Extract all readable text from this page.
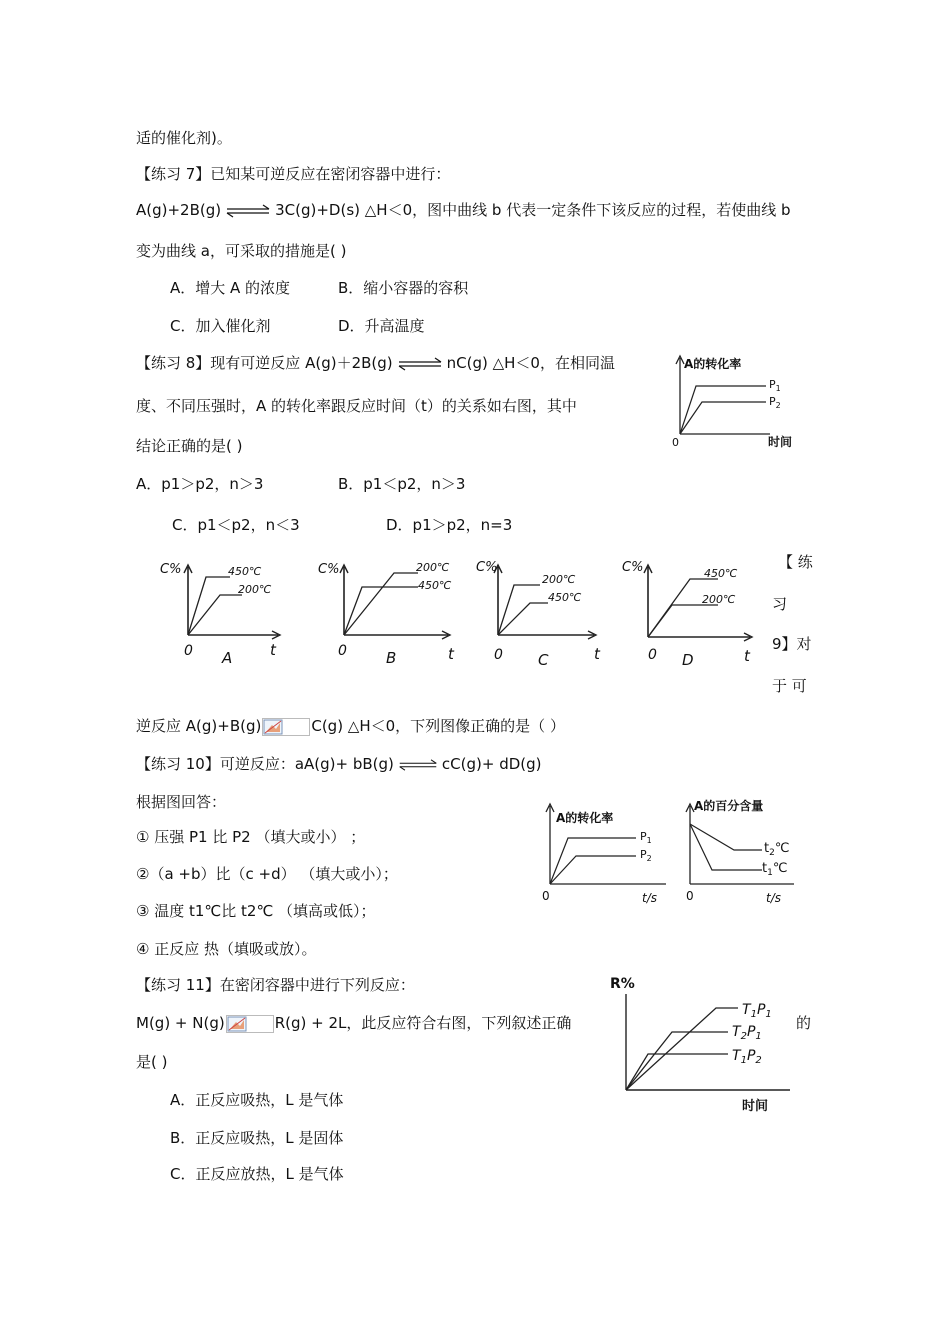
适的催化剂)。
【练习 7】已知某可逆反应在密闭容器中进行：
A(g)+2B(g) ⇌ 3C(g)+D(s) △H＜0，图中曲线 b 代表一定条件下该反应的过程，若使曲线 b
变为曲线 a，可采取的措施是( )
A．增大 A 的浓度	B．缩小容器的容积
C．加入催化剂	D．升高温度
【练习 8】现有可逆反应 A(g)＋2B(g) ⇌ nC(g) △H＜0，在相同温
度、不同压强时，A 的转化率跟反应时间（t）的关系如右图，其中
结论正确的是( )
A．p1＞p2，n＞3	B．p1＜p2，n＞3
C．p1＜p2，n＜3	D．p1＞p2，n=3
A的转化率
时间
0
$P_1$
$P_2$
C%	450℃
200℃
0 A	t
C%	200℃
450℃
0	B	t
C%
200℃
450℃
0 C	t
C%	450℃
200℃
0 D	t
【 练
习
9】对
于 可
逆反应 A(g)+B(g)	C(g) △H＜0，下列图像正确的是（ ）
【练习 10】可逆反应：aA(g)+ bB(g) ⇌ cC(g)+ dD(g)
根据图回答：
① 压强 P1 比 P2 （填大或小） ；
②（a +b）比（c +d） （填大或小）；
③ 温度 t1℃比 t2℃ （填高或低）；
④ 正反应 热（填吸或放）。
A的转化率
$P_1$
$P_2$
0	t/s
A的百分含量
$t_2℃$
$t_1℃$
0	t/s
【练习 11】在密闭容器中进行下列反应：
M(g) + N(g)	R(g) + 2L，此反应符合右图，下列叙述正确	的
是( )
A．正反应吸热，L 是气体
B．正反应吸热，L 是固体
C．正反应放热，L 是气体
R%
时间
$T_1P_1$
$T_2P_1$
$T_1P_2$
